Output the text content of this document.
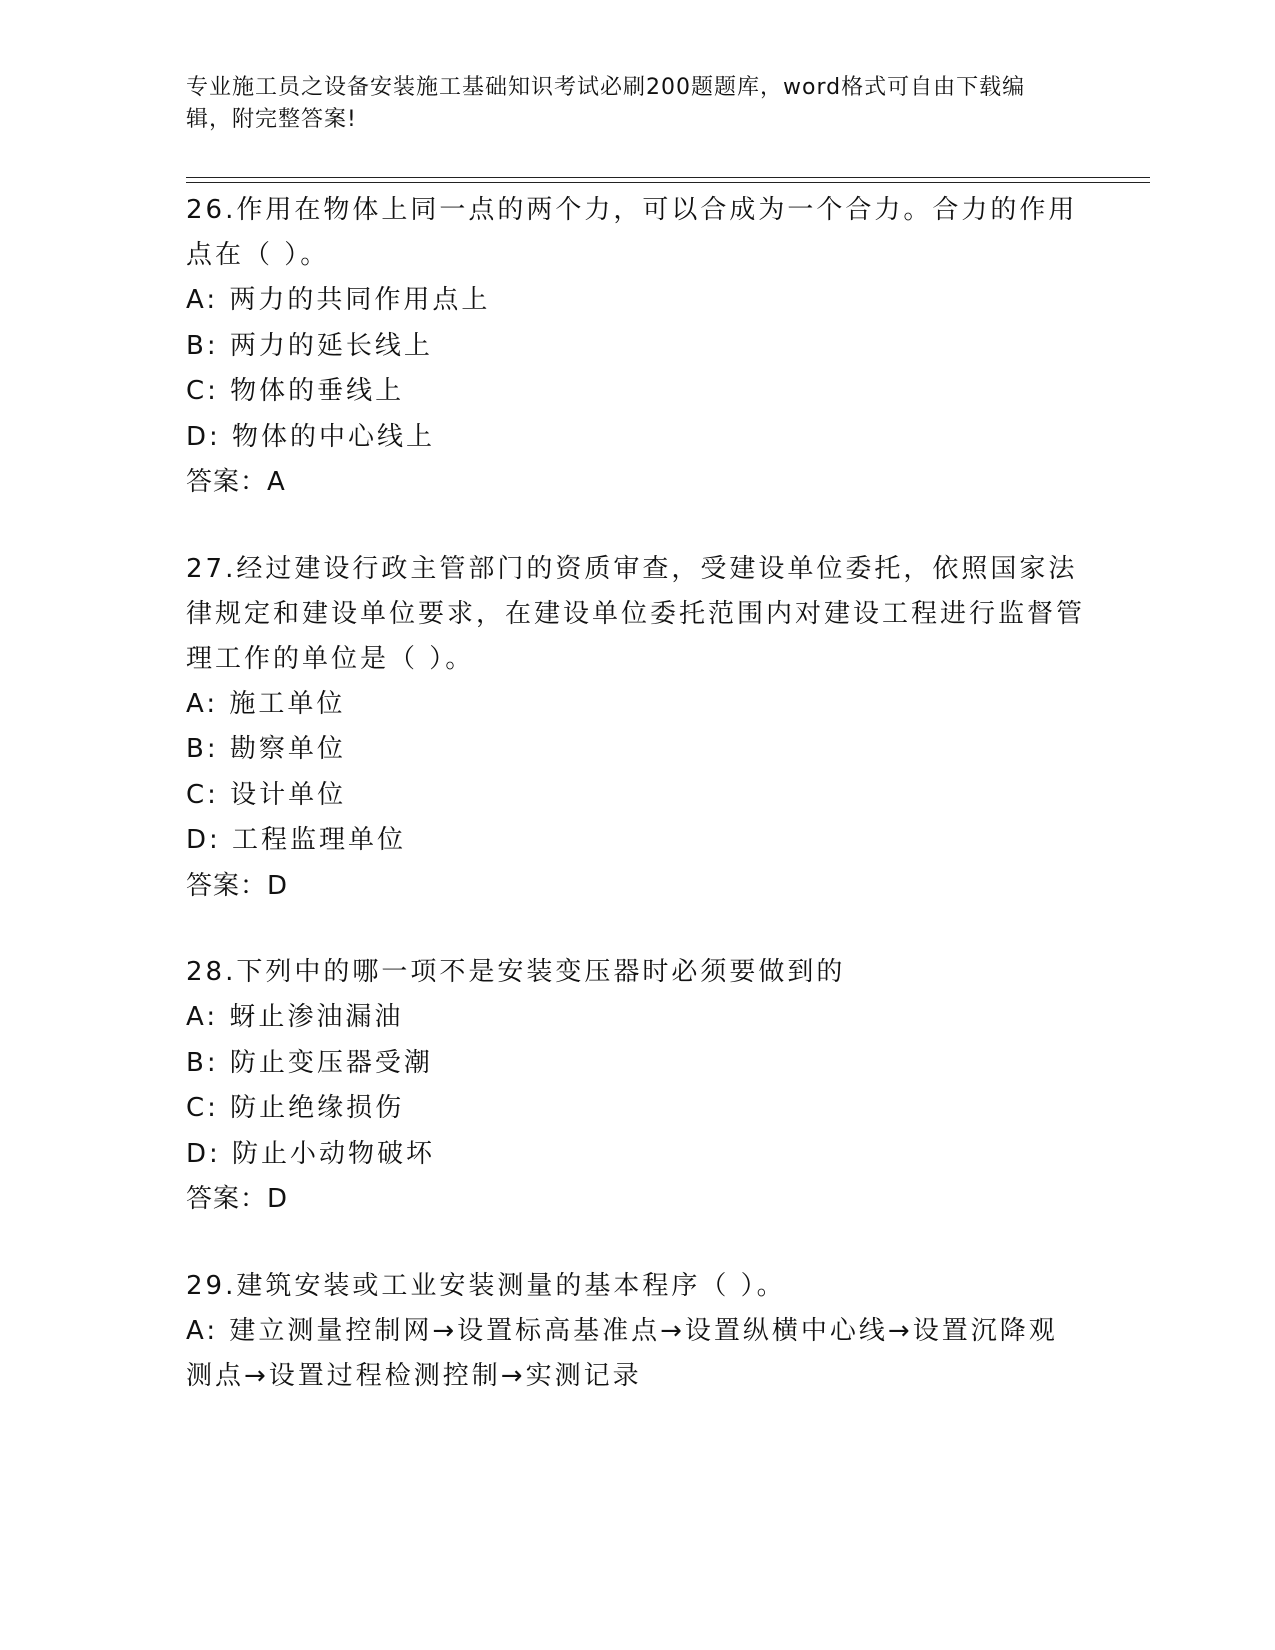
专业施工员之设备安装施工基础知识考试必刷200题题库，word格式可自由下载编辑，附完整答案!
26.作用在物体上同一点的两个力，可以合成为一个合力。合力的作用点在（ ）。
A: 两力的共同作用点上
B: 两力的延长线上
C: 物体的垂线上
D: 物体的中心线上
答案：A
27.经过建设行政主管部门的资质审查，受建设单位委托，依照国家法律规定和建设单位要求，在建设单位委托范围内对建设工程进行监督管理工作的单位是（ ）。
A: 施工单位
B: 勘察单位
C: 设计单位
D: 工程监理单位
答案：D
28.下列中的哪一项不是安装变压器时必须要做到的
A: 蚜止渗油漏油
B: 防止变压器受潮
C: 防止绝缘损伤
D: 防止小动物破坏
答案：D
29.建筑安装或工业安装测量的基本程序（ ）。
A: 建立测量控制网→设置标高基准点→设置纵横中心线→设置沉降观测点→设置过程检测控制→实测记录
